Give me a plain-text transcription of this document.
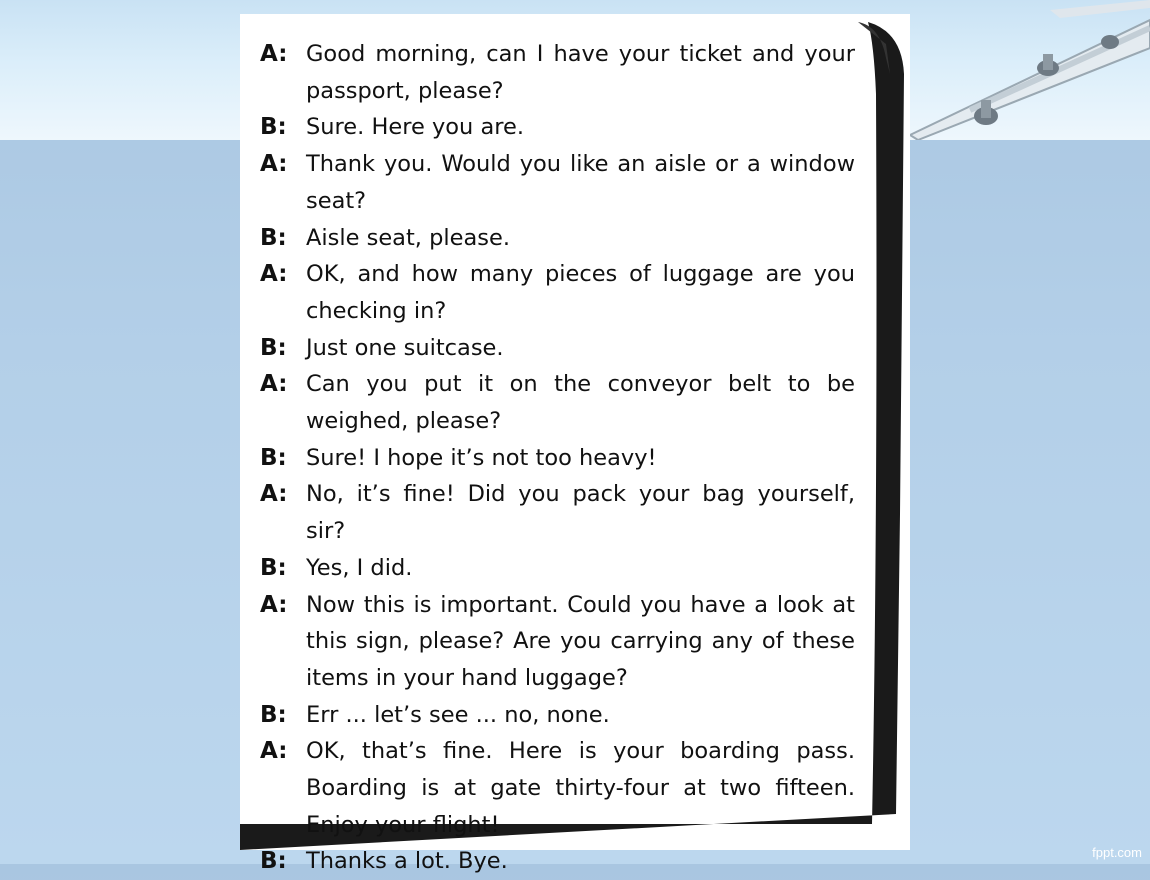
A: Good morning, can I have your ticket and your passport, please?
B: Sure. Here you are.
A: Thank you. Would you like an aisle or a window seat?
B: Aisle seat, please.
A: OK, and how many pieces of luggage are you checking in?
B: Just one suitcase.
A: Can you put it on the conveyor belt to be weighed, please?
B: Sure! I hope it’s not too heavy!
A: No, it’s fine! Did you pack your bag yourself, sir?
B: Yes, I did.
A: Now this is important. Could you have a look at this sign, please? Are you carrying any of these items in your hand luggage?
B: Err ... let’s see ... no, none.
A: OK, that’s fine. Here is your boarding pass. Boarding is at gate thirty-four at two fifteen. Enjoy your flight!
B: Thanks a lot. Bye.	fppt.com
